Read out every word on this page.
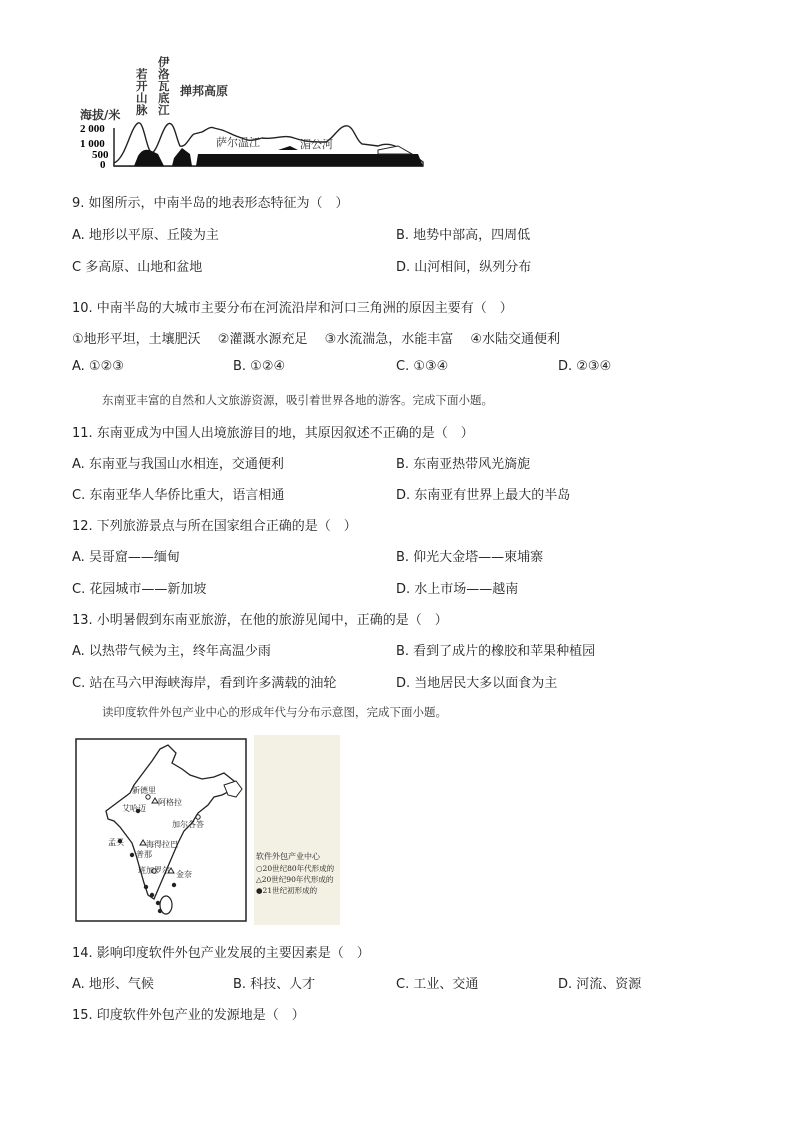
2 000
1 000
500
0
海拔/米
若开山脉
伊洛瓦底江
掸邦高原
萨尔温江	湄公河
9. 如图所示，中南半岛的地表形态特征为（　）
A. 地形以平原、丘陵为主	B. 地势中部高，四周低
C 多高原、山地和盆地	D. 山河相间，纵列分布
10. 中南半岛的大城市主要分布在河流沿岸和河口三角洲的原因主要有（　）
①地形平坦，土壤肥沃　 ②灌溉水源充足　 ③水流湍急，水能丰富　 ④水陆交通便利
A. ①②③	B. ①②④	C. ①③④	D. ②③④
东南亚丰富的自然和人文旅游资源，吸引着世界各地的游客。完成下面小题。
11. 东南亚成为中国人出境旅游目的地，其原因叙述不正确的是（　）
A. 东南亚与我国山水相连，交通便利	B. 东南亚热带风光旖旎
C. 东南亚华人华侨比重大，语言相通	D. 东南亚有世界上最大的半岛
12. 下列旅游景点与所在国家组合正确的是（　）
A. 吴哥窟——缅甸	B. 仰光大金塔——柬埔寨
C. 花园城市——新加坡	D. 水上市场——越南
13. 小明暑假到东南亚旅游，在他的旅游见闻中，正确的是（　）
A. 以热带气候为主，终年高温少雨	B. 看到了成片的橡胶和苹果种植园
C. 站在马六甲海峡海岸，看到许多满载的油轮	D. 当地居民大多以面食为主
读印度软件外包产业中心的形成年代与分布示意图，完成下面小题。
新德里
阿格拉
艾哈迈
加尔各答
海得拉巴
孟买
普那
班加罗尔 金奈
软件外包产业中心
○20世纪80年代形成的
△20世纪90年代形成的
●21世纪初形成的
14. 影响印度软件外包产业发展的主要因素是（　）
A. 地形、气候	B. 科技、人才	C. 工业、交通	D. 河流、资源
15. 印度软件外包产业的发源地是（　）
